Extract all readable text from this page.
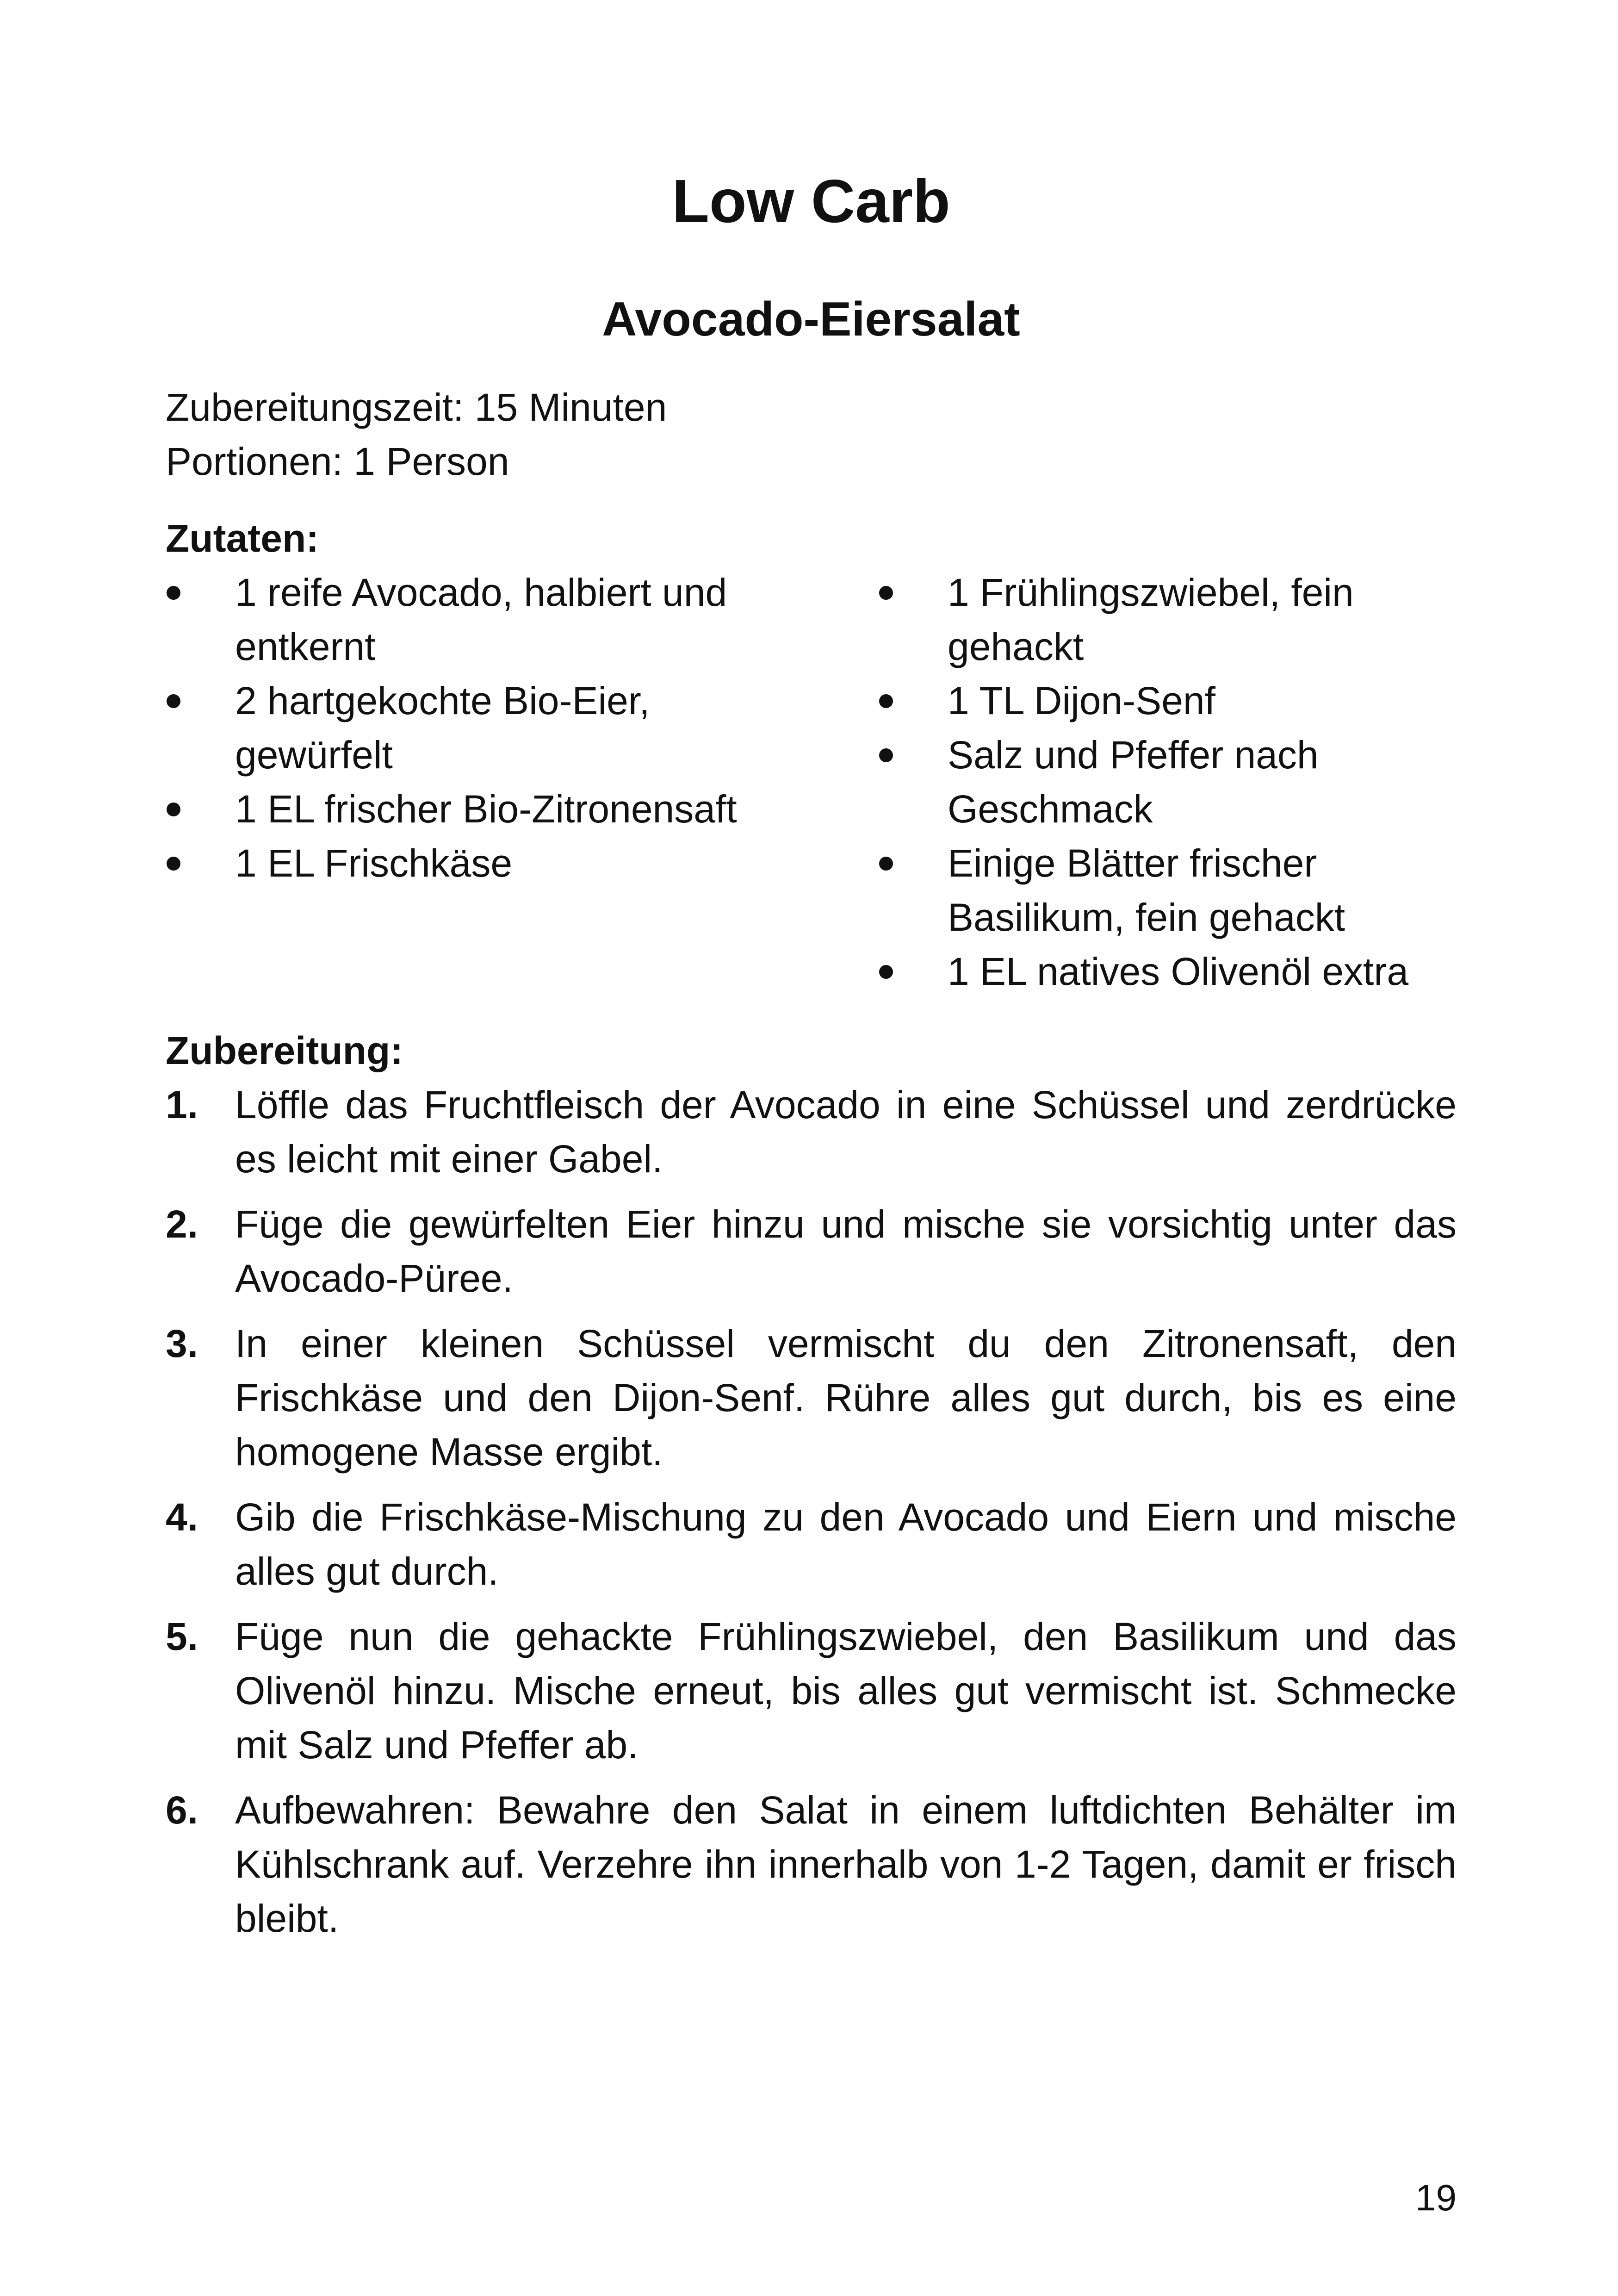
Low Carb
Avocado-Eiersalat
Zubereitungszeit: 15 Minuten
Portionen: 1 Person
Zutaten:
1 reife Avocado, halbiert und entkernt
2 hartgekochte Bio-Eier, gewürfelt
1 EL frischer Bio-Zitronensaft
1 EL Frischkäse
1 Frühlingszwiebel, fein gehackt
1 TL Dijon-Senf
Salz und Pfeffer nach Geschmack
Einige Blätter frischer Basilikum, fein gehackt
1 EL natives Olivenöl extra
Zubereitung:
1. Löffle das Fruchtfleisch der Avocado in eine Schüssel und zerdrücke es leicht mit einer Gabel.
2. Füge die gewürfelten Eier hinzu und mische sie vorsichtig unter das Avocado-Püree.
3. In einer kleinen Schüssel vermischt du den Zitronensaft, den Frischkäse und den Dijon-Senf. Rühre alles gut durch, bis es eine homogene Masse ergibt.
4. Gib die Frischkäse-Mischung zu den Avocado und Eiern und mische alles gut durch.
5. Füge nun die gehackte Frühlingszwiebel, den Basilikum und das Olivenöl hinzu. Mische erneut, bis alles gut vermischt ist. Schmecke mit Salz und Pfeffer ab.
6. Aufbewahren: Bewahre den Salat in einem luftdichten Behälter im Kühlschrank auf. Verzehre ihn innerhalb von 1-2 Tagen, damit er frisch bleibt.
19
